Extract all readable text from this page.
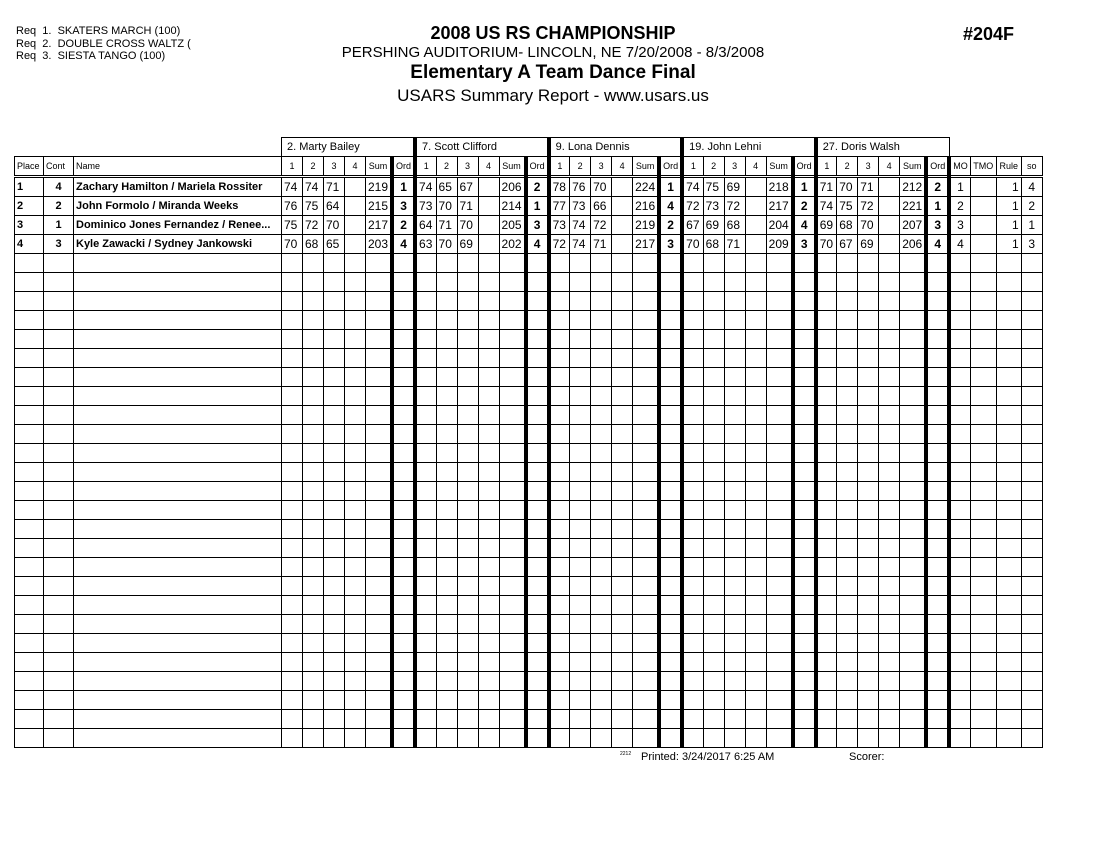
Req  1.  SKATERS MARCH (100)
Req  2.  DOUBLE CROSS WALTZ (
Req  3.  SIESTA TANGO (100)
2008 US RS CHAMPIONSHIP
PERSHING AUDITORIUM- LINCOLN, NE 7/20/2008 - 8/3/2008
Elementary A Team Dance Final
USARS Summary Report - www.usars.us
#204F
			2. Marty Bailey						7. Scott Clifford						9. Lona Dennis						19. John Lehni						27. Doris Walsh									
Place	Cont	Name	1	2	3	4	Sum	Ord	1	2	3	4	Sum	Ord	1	2	3	4	Sum	Ord	1	2	3	4	Sum	Ord	1	2	3	4	Sum	Ord	MO	TMO	Rule	so
1	4	Zachary Hamilton / Mariela Rossiter	74	74	71		219	1	74	65	67		206	2	78	76	70		224	1	74	75	69		218	1	71	70	71		212	2	1		1	4
2	2	John Formolo / Miranda Weeks	76	75	64		215	3	73	70	71		214	1	77	73	66		216	4	72	73	72		217	2	74	75	72		221	1	2		1	2
3	1	Dominico Jones Fernandez / Renee...	75	72	70		217	2	64	71	70		205	3	73	74	72		219	2	67	69	68		204	4	69	68	70		207	3	3		1	1
4	3	Kyle Zawacki / Sydney Jankowski	70	68	65		203	4	63	70	69		202	4	72	74	71		217	3	70	68	71		209	3	70	67	69		206	4	4		1	3

$^{2212}$ Printed: 3/24/2017 6:25 AM	Scorer:
